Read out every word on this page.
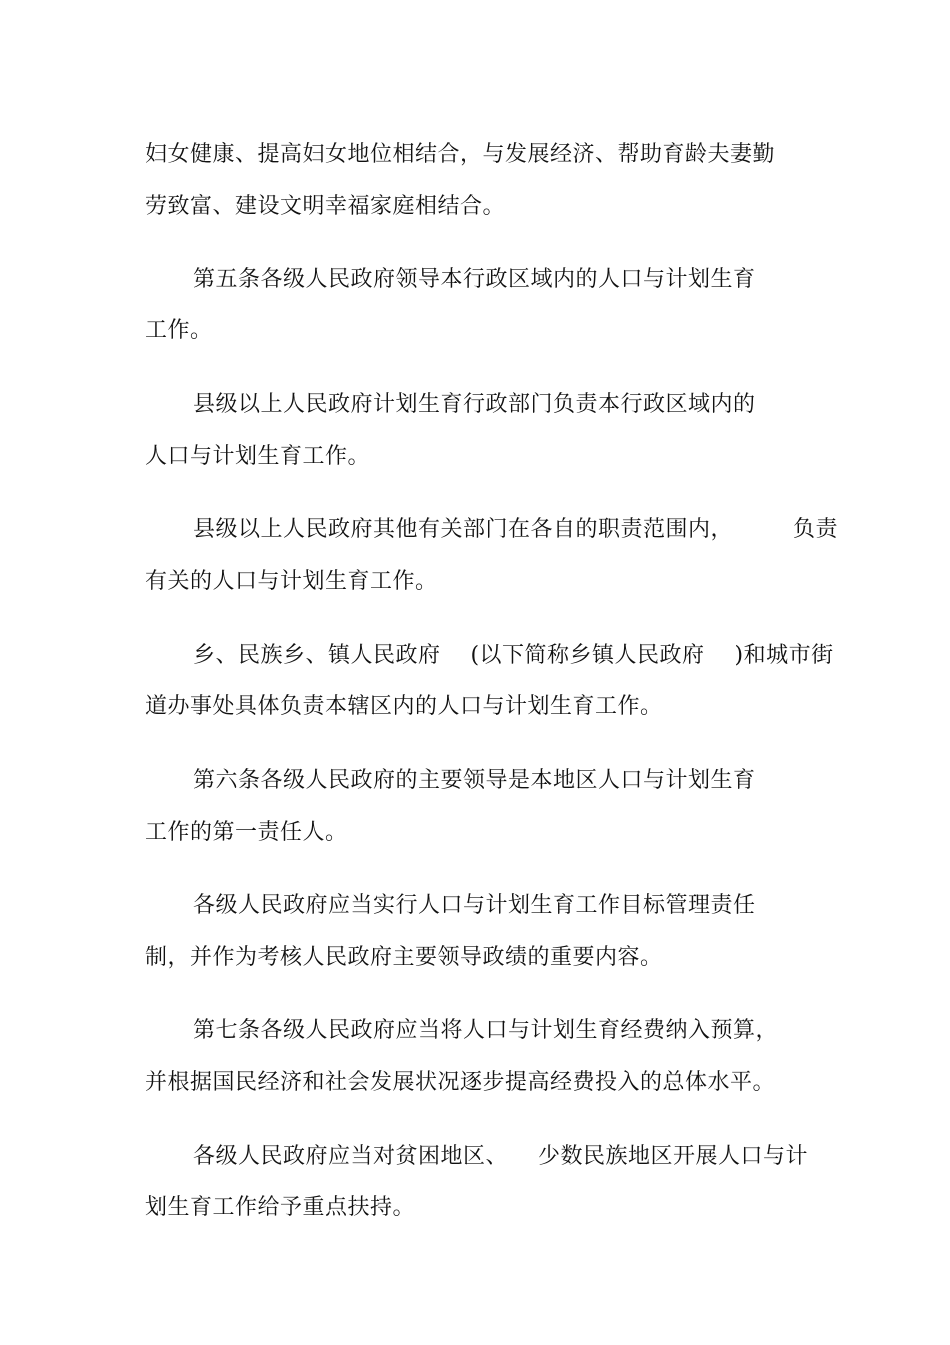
妇女健康、提高妇女地位相结合，与发展经济、帮助育龄夫妻勤
劳致富、建设文明幸福家庭相结合。
第五条各级人民政府领导本行政区域内的人口与计划生育
工作。
县级以上人民政府计划生育行政部门负责本行政区域内的
人口与计划生育工作。
县级以上人民政府其他有关部门在各自的职责范围内，        负责
有关的人口与计划生育工作。
乡、民族乡、镇人民政府    (以下简称乡镇人民政府    )和城市街
道办事处具体负责本辖区内的人口与计划生育工作。
第六条各级人民政府的主要领导是本地区人口与计划生育
工作的第一责任人。
各级人民政府应当实行人口与计划生育工作目标管理责任
制，并作为考核人民政府主要领导政绩的重要内容。
第七条各级人民政府应当将人口与计划生育经费纳入预算，
并根据国民经济和社会发展状况逐步提高经费投入的总体水平。
各级人民政府应当对贫困地区、    少数民族地区开展人口与计
划生育工作给予重点扶持。
